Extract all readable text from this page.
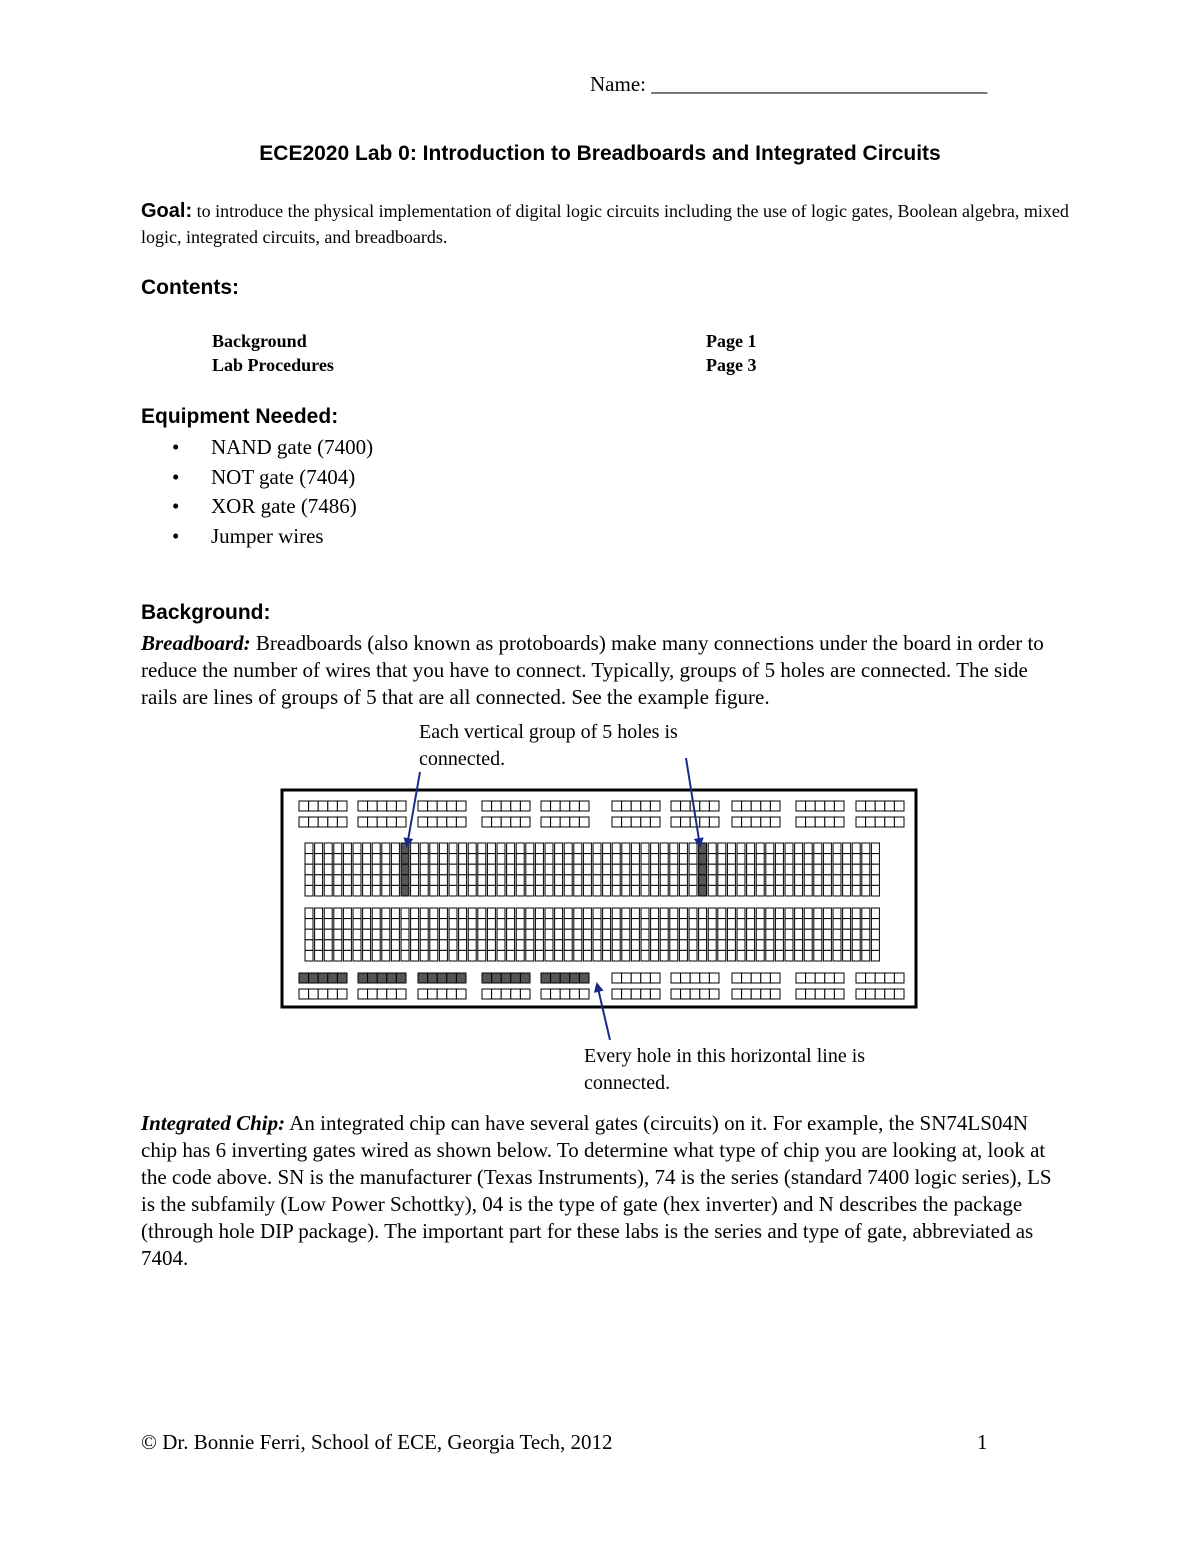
Name: ________________________________
ECE2020 Lab 0: Introduction to Breadboards and Integrated Circuits
Goal: to introduce the physical implementation of digital logic circuits including the use of logic gates, Boolean algebra, mixed logic, integrated circuits, and breadboards.
Contents:
Background	Page 1
Lab Procedures	Page 3
Equipment Needed:
• NAND gate (7400)
• NOT gate (7404)
• XOR gate (7486)
• Jumper wires
Background:
Breadboard: Breadboards (also known as protoboards) make many connections under the board in order to reduce the number of wires that you have to connect. Typically, groups of 5 holes are connected. The side rails are lines of groups of 5 that are all connected. See the example figure.
Each vertical group of 5 holes is connected.
Every hole in this horizontal line is connected.
Integrated Chip: An integrated chip can have several gates (circuits) on it. For example, the SN74LS04N chip has 6 inverting gates wired as shown below. To determine what type of chip you are looking at, look at the code above. SN is the manufacturer (Texas Instruments), 74 is the series (standard 7400 logic series), LS is the subfamily (Low Power Schottky), 04 is the type of gate (hex inverter) and N describes the package (through hole DIP package). The important part for these labs is the series and type of gate, abbreviated as 7404.
© Dr. Bonnie Ferri, School of ECE, Georgia Tech, 2012	1
